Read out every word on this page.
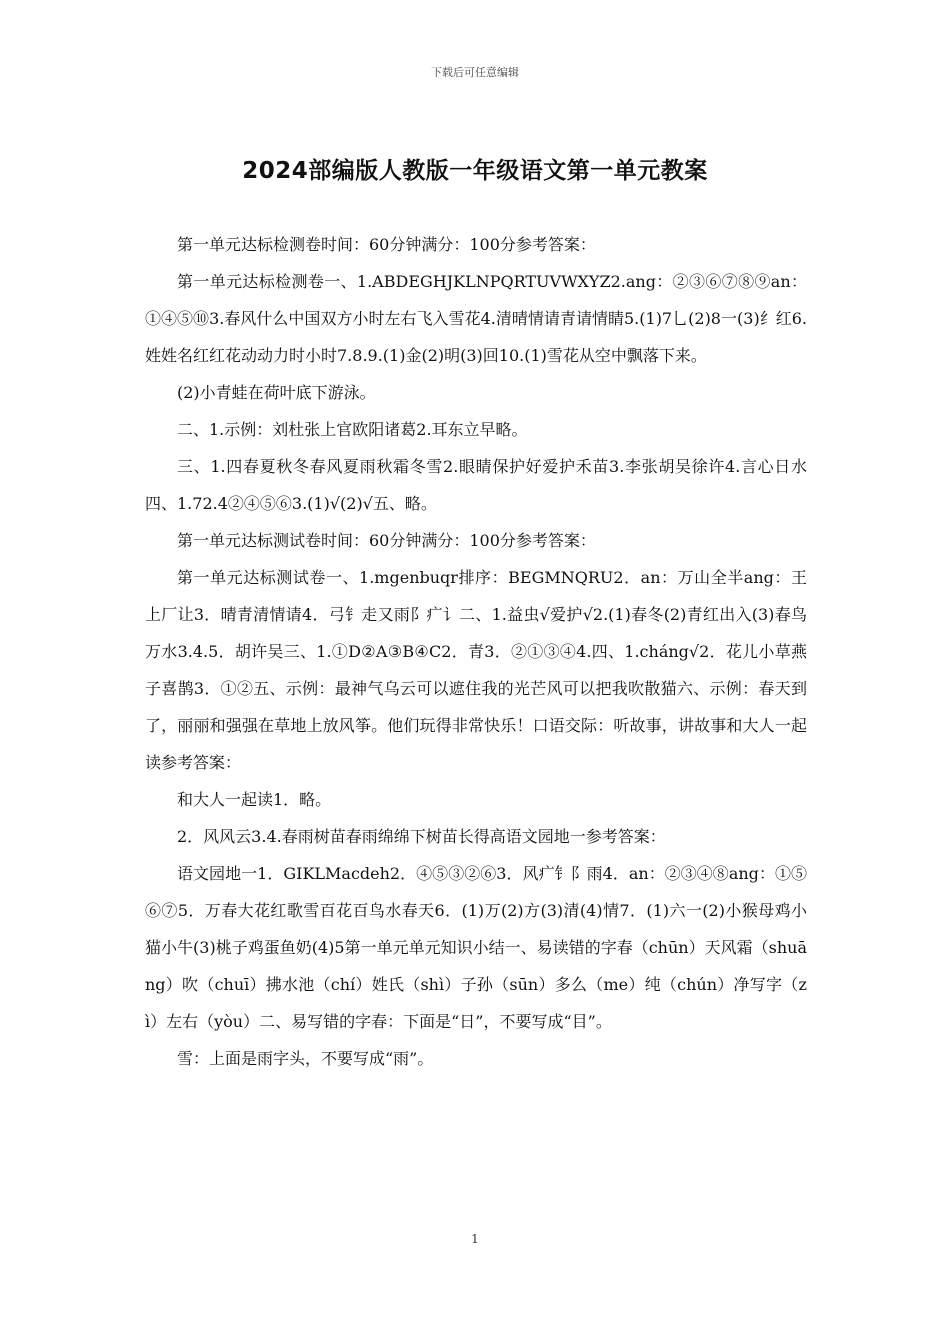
下载后可任意编辑
2024部编版人教版一年级语文第一单元教案

第一单元达标检测卷时间：60分钟满分：100分参考答案：

第一单元达标检测卷一、1.ABDEGHJKLNPQRTUVWXYZ2.ang：②③⑥⑦⑧⑨an：①④⑤⑩3.春风什么中国双方小时左右飞入雪花4.清晴情请青请情睛5.(1)7乚(2)8一(3)纟红6.姓姓名红红花动动力时小时7.8.9.(1)金(2)明(3)回10.(1)雪花从空中飘落下来。

(2)小青蛙在荷叶底下游泳。

二、1.示例：刘杜张上官欧阳诸葛2.耳东立早略。

三、1.四春夏秋冬春风夏雨秋霜冬雪2.眼睛保护好爱护禾苗3.李张胡吴徐许4.言心日水四、1.72.4②④⑤⑥3.(1)√(2)√五、略。

第一单元达标测试卷时间：60分钟满分：100分参考答案：

第一单元达标测试卷一、1.mgenbuqr排序：BEGMNQRU2．an：万山全半ang：王上厂让3．晴青清情请4．弓钅走又雨阝疒讠二、1.益虫√爱护√2.(1)春冬(2)青红出入(3)春鸟万水3.4.5．胡许吴三、1.①D②A③B④C2．青3．②①③④4.四、1.cháng√2．花儿小草燕子喜鹊3．①②五、示例：最神气乌云可以遮住我的光芒风可以把我吹散猫六、示例：春天到了，丽丽和强强在草地上放风筝。他们玩得非常快乐！口语交际：听故事，讲故事和大人一起读参考答案：

和大人一起读1．略。

2．风风云3.4.春雨树苗春雨绵绵下树苗长得高语文园地一参考答案：

语文园地一1．GIKLMacdeh2．④⑤③②⑥3．风疒钅阝雨4．an：②③④⑧ang：①⑤⑥⑦5．万春大花红歌雪百花百鸟水春天6．(1)万(2)方(3)清(4)情7．(1)六一(2)小猴母鸡小猫小牛(3)桃子鸡蛋鱼奶(4)5第一单元单元知识小结一、易读错的字春（chūn）天风霜（shuāng）吹（chuī）拂水池（chí）姓氏（shì）子孙（sūn）多么（me）纯（chún）净写字（zì）左右（yòu）二、易写错的字春：下面是“日”，不要写成“目”。

雪：上面是雨字头，不要写成“雨”。

1
